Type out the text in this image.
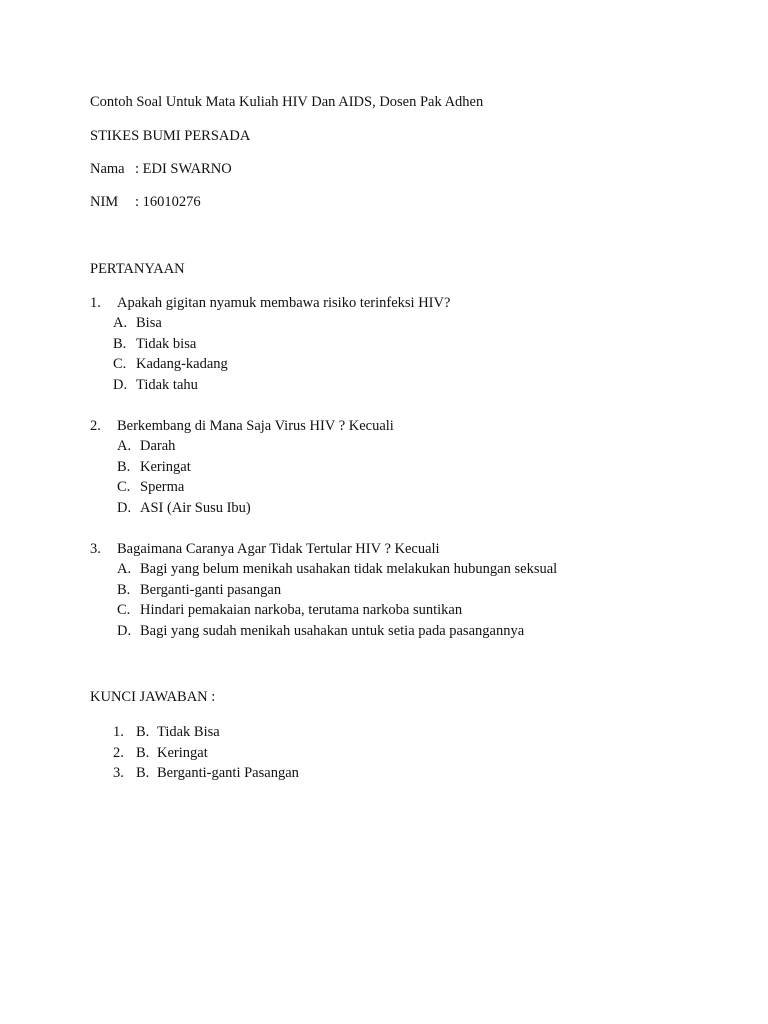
Contoh Soal Untuk Mata Kuliah HIV Dan AIDS, Dosen Pak Adhen
STIKES BUMI PERSADA
Nama : EDI SWARNO
NIM : 16010276
PERTANYAAN
1. Apakah gigitan nyamuk membawa risiko terinfeksi HIV?
A. Bisa
B. Tidak bisa
C. Kadang-kadang
D. Tidak tahu
2. Berkembang di Mana Saja Virus HIV ? Kecuali
A. Darah
B. Keringat
C. Sperma
D. ASI (Air Susu Ibu)
3. Bagaimana Caranya Agar Tidak Tertular HIV ? Kecuali
A. Bagi yang belum menikah usahakan tidak melakukan hubungan seksual
B. Berganti-ganti pasangan
C. Hindari pemakaian narkoba, terutama narkoba suntikan
D. Bagi yang sudah menikah usahakan untuk setia pada pasangannya
KUNCI JAWABAN :
1. B. Tidak Bisa
2. B. Keringat
3. B. Berganti-ganti Pasangan
